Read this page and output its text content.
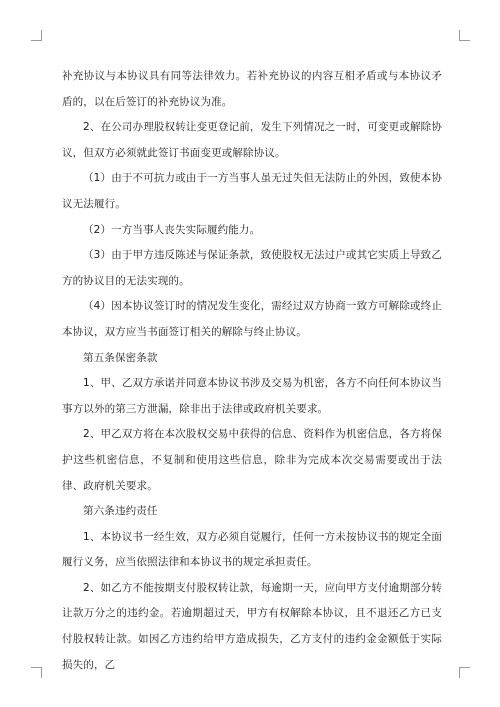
补充协议与本协议具有同等法律效力。若补充协议的内容互相矛盾或与本协议矛盾的，以在后签订的补充协议为准。

2、在公司办理股权转让变更登记前，发生下列情况之一时，可变更或解除协议，但双方必须就此签订书面变更或解除协议。

（1）由于不可抗力或由于一方当事人虽无过失但无法防止的外因，致使本协议无法履行。

（2）一方当事人丧失实际履约能力。

（3）由于甲方违反陈述与保证条款，致使股权无法过户或其它实质上导致乙方的协议目的无法实现的。

（4）因本协议签订时的情况发生变化，需经过双方协商一致方可解除或终止本协议，双方应当书面签订相关的解除与终止协议。

第五条保密条款

1、甲、乙双方承诺并同意本协议书涉及交易为机密，各方不向任何本协议当事方以外的第三方泄漏，除非出于法律或政府机关要求。

2、甲乙双方将在本次股权交易中获得的信息、资料作为机密信息，各方将保护这些机密信息，不复制和使用这些信息，除非为完成本次交易需要或出于法律、政府机关要求。

第六条违约责任

1、本协议书一经生效，双方必须自觉履行，任何一方未按协议书的规定全面履行义务，应当依照法律和本协议书的规定承担责任。

2、如乙方不能按期支付股权转让款，每逾期一天，应向甲方支付逾期部分转让款万分之的违约金。若逾期超过天，甲方有权解除本协议，且不退还乙方已支付股权转让款。如因乙方违约给甲方造成损失，乙方支付的违约金金额低于实际损失的，乙
